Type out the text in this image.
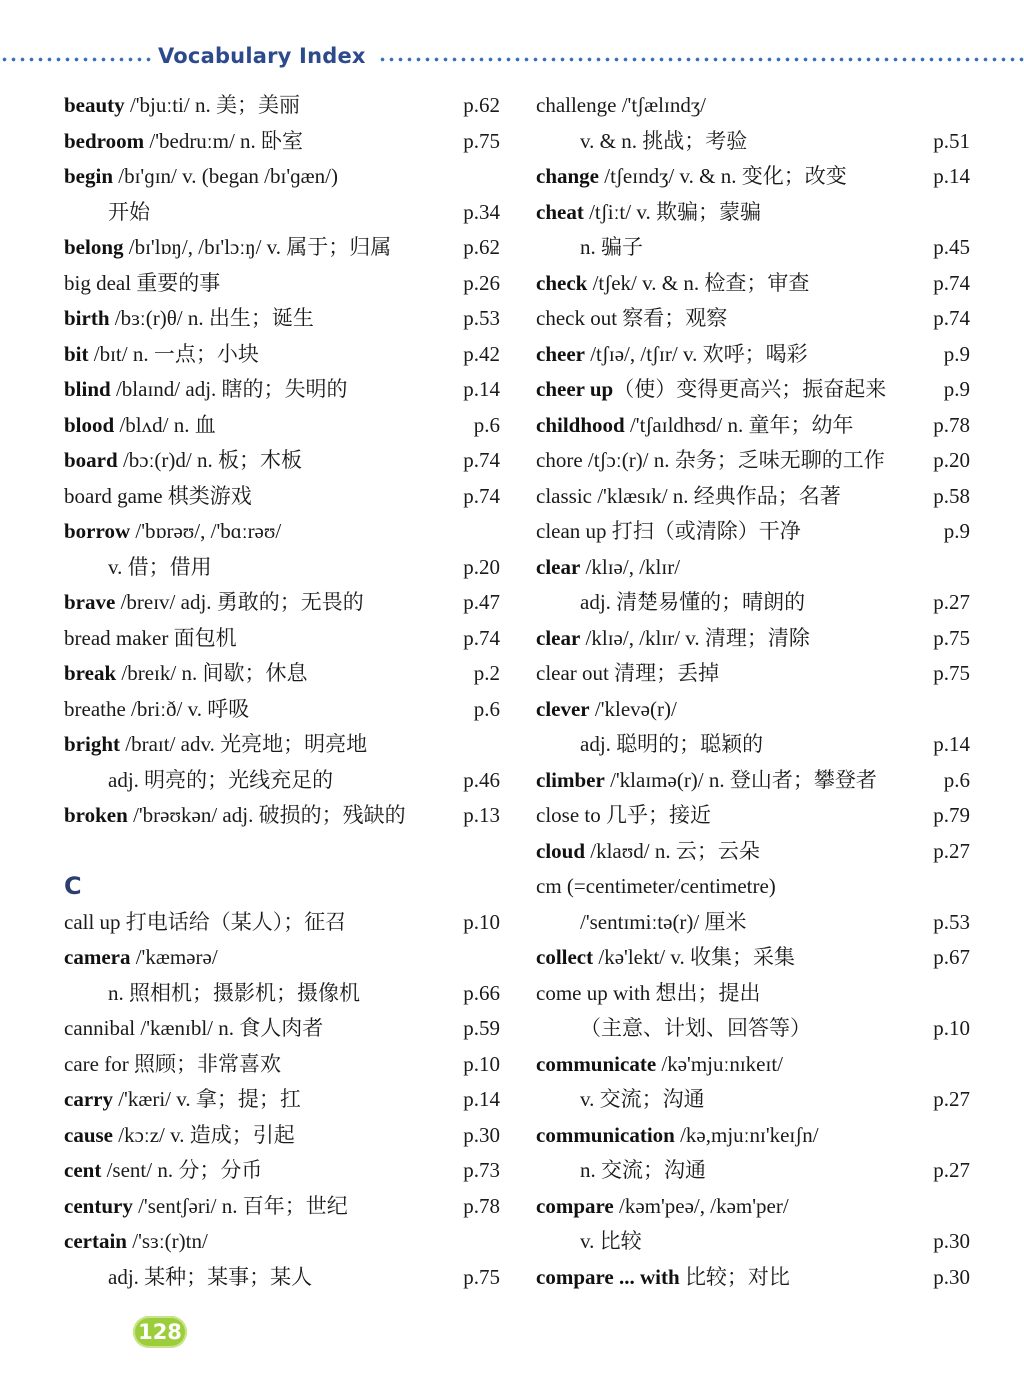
Vocabulary Index
beauty /'bjuːti/ n. 美；美丽	p.62
bedroom /'bedruːm/ n. 卧室	p.75
begin /bɪ'ɡɪn/ v. (began /bɪ'ɡæn/)
开始	p.34
belong /bɪ'lɒŋ/, /bɪ'lɔːŋ/ v. 属于；归属	p.62
big deal 重要的事	p.26
birth /bɜː(r)θ/ n. 出生；诞生	p.53
bit /bɪt/ n. 一点；小块	p.42
blind /blaɪnd/ adj. 瞎的；失明的	p.14
blood /blʌd/ n. 血	p.6
board /bɔː(r)d/ n. 板；木板	p.74
board game 棋类游戏	p.74
borrow /'bɒrəʊ/, /'bɑːrəʊ/
v. 借；借用	p.20
brave /breɪv/ adj. 勇敢的；无畏的	p.47
bread maker 面包机	p.74
break /breɪk/ n. 间歇；休息	p.2
breathe /briːð/ v. 呼吸	p.6
bright /braɪt/ adv. 光亮地；明亮地
adj. 明亮的；光线充足的	p.46
broken /'brəʊkən/ adj. 破损的；残缺的	p.13
C
call up 打电话给（某人）；征召	p.10
camera /'kæmərə/
n. 照相机；摄影机；摄像机	p.66
cannibal /'kænɪbl/ n. 食人肉者	p.59
care for 照顾；非常喜欢	p.10
carry /'kæri/ v. 拿；提；扛	p.14
cause /kɔːz/ v. 造成；引起	p.30
cent /sent/ n. 分；分币	p.73
century /'sentʃəri/ n. 百年；世纪	p.78
certain /'sɜː(r)tn/
adj. 某种；某事；某人	p.75
challenge /'tʃælɪndʒ/
v. & n. 挑战；考验	p.51
change /tʃeɪndʒ/ v. & n. 变化；改变	p.14
cheat /tʃiːt/ v. 欺骗；蒙骗
n. 骗子	p.45
check /tʃek/ v. & n. 检查；审查	p.74
check out 察看；观察	p.74
cheer /tʃɪə/, /tʃɪr/ v. 欢呼；喝彩	p.9
cheer up（使）变得更高兴；振奋起来	p.9
childhood /'tʃaɪldhʊd/ n. 童年；幼年	p.78
chore /tʃɔː(r)/ n. 杂务；乏味无聊的工作 p.20
classic /'klæsɪk/ n. 经典作品；名著	p.58
clean up 打扫（或清除）干净	p.9
clear /klɪə/, /klɪr/
adj. 清楚易懂的；晴朗的	p.27
clear /klɪə/, /klɪr/ v. 清理；清除	p.75
clear out 清理；丢掉	p.75
clever /'klevə(r)/
adj. 聪明的；聪颖的	p.14
climber /'klaɪmə(r)/ n. 登山者；攀登者	p.6
close to 几乎；接近	p.79
cloud /klaʊd/ n. 云；云朵	p.27
cm (=centimeter/centimetre)
/'sentɪmiːtə(r)/ 厘米	p.53
collect /kə'lekt/ v. 收集；采集	p.67
come up with 想出；提出
（主意、计划、回答等）	p.10
communicate /kə'mjuːnɪkeɪt/
v. 交流；沟通	p.27
communication /kə,mjuːnɪ'keɪʃn/
n. 交流；沟通	p.27
compare /kəm'peə/, /kəm'per/
v. 比较	p.30
compare ... with 比较；对比	p.30
128
